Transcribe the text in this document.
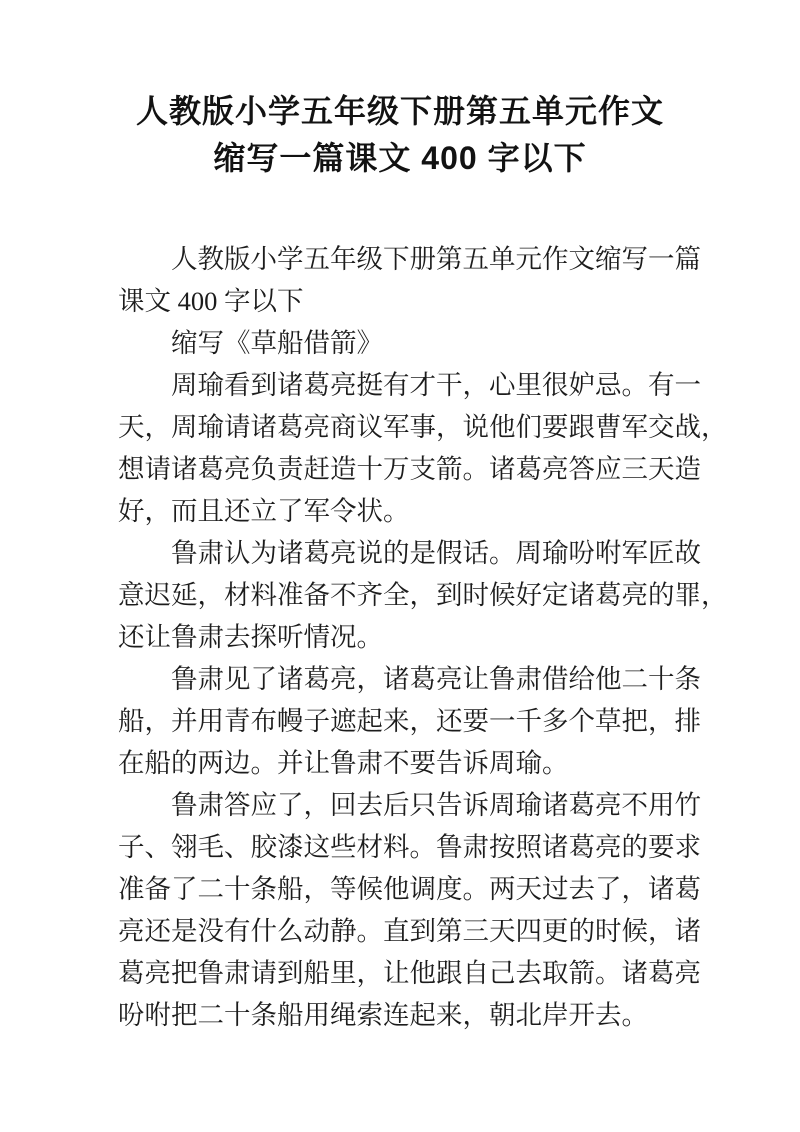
人教版小学五年级下册第五单元作文
缩写一篇课文 400 字以下
人教版小学五年级下册第五单元作文缩写一篇
课文 400 字以下
缩写《草船借箭》
周瑜看到诸葛亮挺有才干，心里很妒忌。有一
天，周瑜请诸葛亮商议军事，说他们要跟曹军交战，
想请诸葛亮负责赶造十万支箭。诸葛亮答应三天造
好，而且还立了军令状。
鲁肃认为诸葛亮说的是假话。周瑜吩咐军匠故
意迟延，材料准备不齐全，到时候好定诸葛亮的罪，
还让鲁肃去探听情况。
鲁肃见了诸葛亮，诸葛亮让鲁肃借给他二十条
船，并用青布幔子遮起来，还要一千多个草把，排
在船的两边。并让鲁肃不要告诉周瑜。
鲁肃答应了，回去后只告诉周瑜诸葛亮不用竹
子、翎毛、胶漆这些材料。鲁肃按照诸葛亮的要求
准备了二十条船，等候他调度。两天过去了，诸葛
亮还是没有什么动静。直到第三天四更的时候，诸
葛亮把鲁肃请到船里，让他跟自己去取箭。诸葛亮
吩咐把二十条船用绳索连起来，朝北岸开去。
